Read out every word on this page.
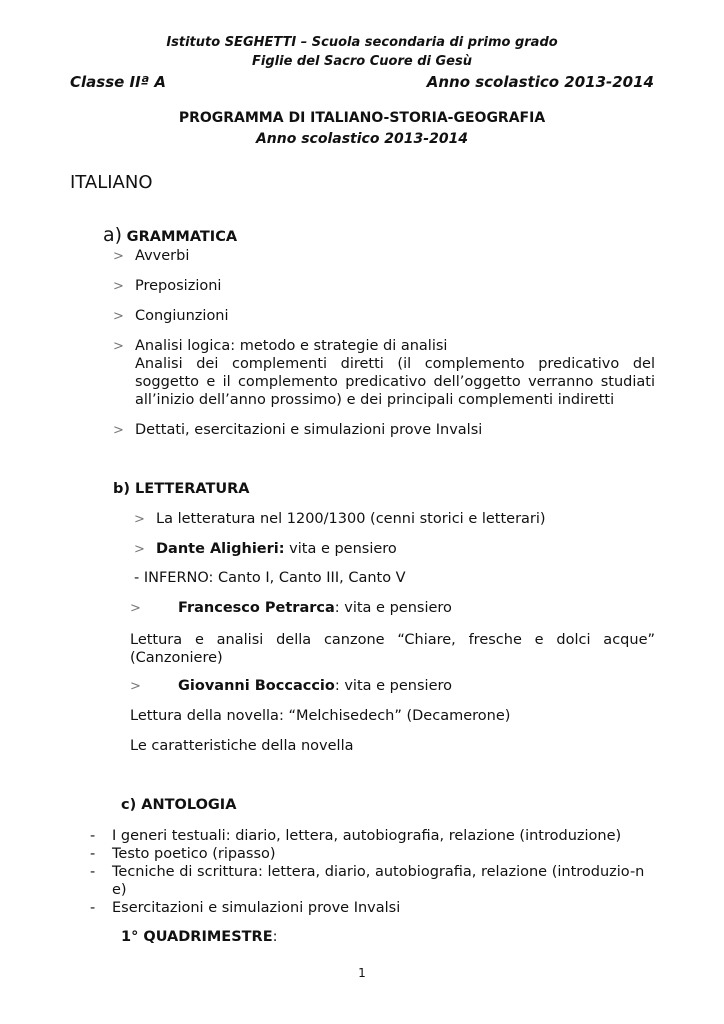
Istituto SEGHETTI – Scuola secondaria di primo grado
Figlie del Sacro Cuore di Gesù
Classe IIª A	Anno scolastico 2013-2014
PROGRAMMA DI ITALIANO-STORIA-GEOGRAFIA
Anno scolastico 2013-2014
ITALIANO
a) GRAMMATICA
> Avverbi
> Preposizioni
> Congiunzioni
> Analisi logica: metodo e strategie di analisi
Analisi dei complementi diretti (il complemento predicativo del soggetto e il complemento predicativo dell’oggetto verranno studiati all’inizio dell’anno prossimo) e dei principali complementi indiretti
> Dettati, esercitazioni e simulazioni prove Invalsi
b) LETTERATURA
> La letteratura nel 1200/1300 (cenni storici e letterari)
> Dante Alighieri: vita e pensiero
- INFERNO: Canto I, Canto III, Canto V
>	Francesco Petrarca: vita e pensiero
Lettura e analisi della canzone “Chiare, fresche e dolci acque” (Canzoniere)
>	Giovanni Boccaccio: vita e pensiero
Lettura della novella: “Melchisedech” (Decamerone)
Le caratteristiche della novella
c) ANTOLOGIA
-	I generi testuali: diario, lettera, autobiografia, relazione (introduzione)
-	Testo poetico (ripasso)
-	Tecniche di scrittura: lettera, diario, autobiografia, relazione (introduzio-ne)
-	Esercitazioni e simulazioni prove Invalsi
1° QUADRIMESTRE:
1
